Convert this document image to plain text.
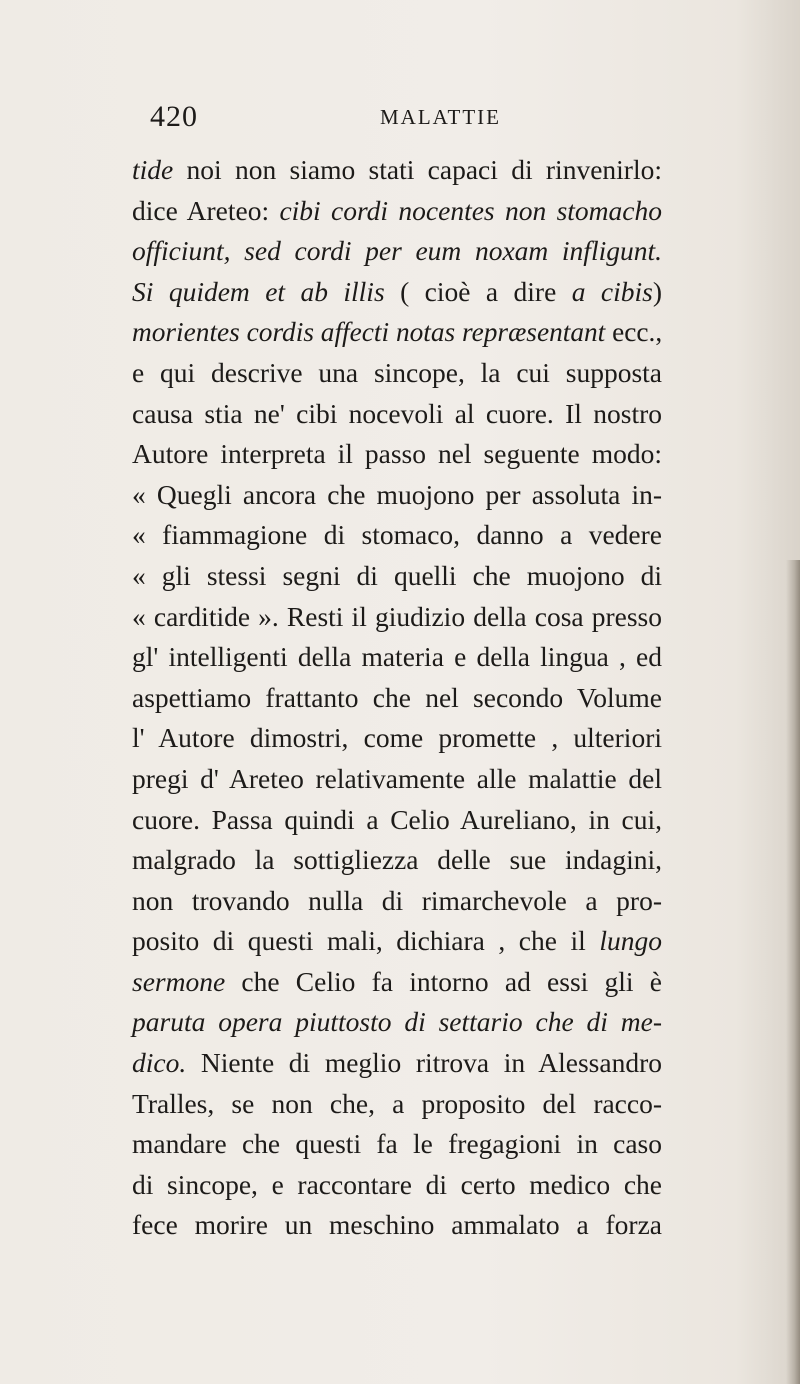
420	MALATTIE
tide noi non siamo stati capaci di rinvenirlo:
dice Areteo: cibi cordi nocentes non stomacho
officiunt, sed cordi per eum noxam infligunt.
Si quidem et ab illis ( cioè a dire a cibis)
morientes cordis affecti notas repræsentant ecc.,
e qui descrive una sincope, la cui supposta
causa stia ne' cibi nocevoli al cuore. Il nostro
Autore interpreta il passo nel seguente modo:
« Quegli ancora che muojono per assoluta in-
« fiammagione di stomaco, danno a vedere
« gli stessi segni di quelli che muojono di
« carditide ». Resti il giudizio della cosa presso
gl' intelligenti della materia e della lingua , ed
aspettiamo frattanto che nel secondo Volume
l' Autore dimostri, come promette , ulteriori
pregi d' Areteo relativamente alle malattie del
cuore. Passa quindi a Celio Aureliano, in cui,
malgrado la sottigliezza delle sue indagini,
non trovando nulla di rimarchevole a pro-
posito di questi mali, dichiara , che il lungo
sermone che Celio fa intorno ad essi gli è
paruta opera piuttosto di settario che di me-
dico. Niente di meglio ritrova in Alessandro
Tralles, se non che, a proposito del racco-
mandare che questi fa le fregagioni in caso
di sincope, e raccontare di certo medico che
fece morire un meschino ammalato a forza
